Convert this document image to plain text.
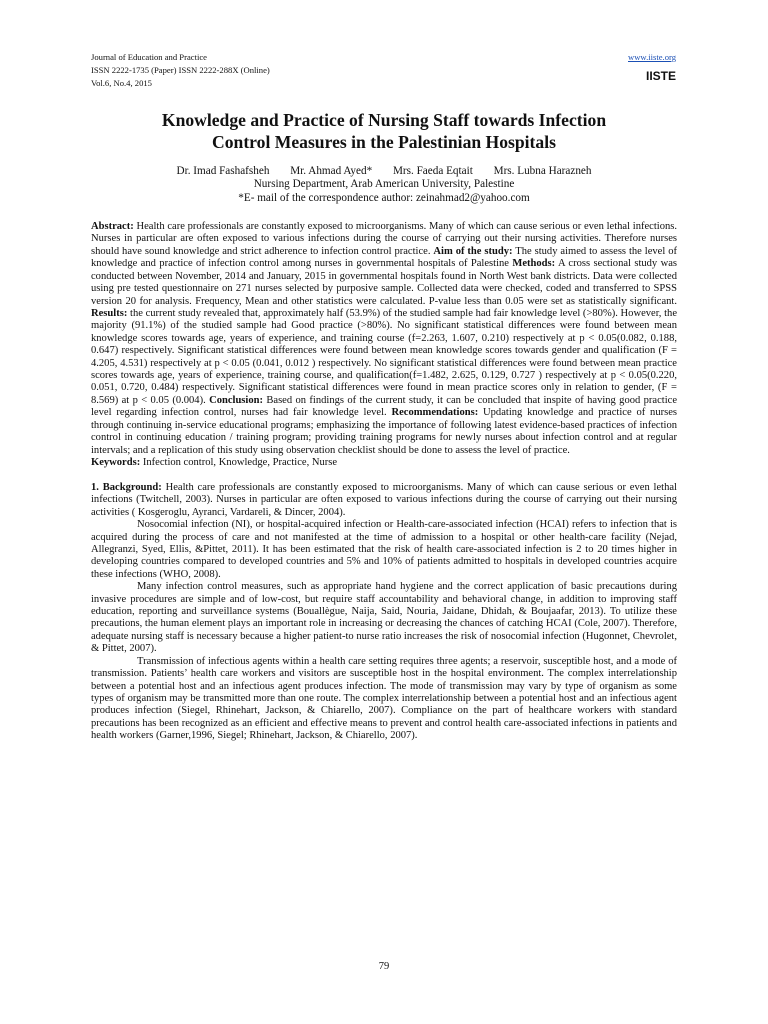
Journal of Education and Practice
ISSN 2222-1735 (Paper) ISSN 2222-288X (Online)
Vol.6, No.4, 2015
www.iiste.org
IISTE
Knowledge and Practice of Nursing Staff towards Infection
Control Measures in the Palestinian Hospitals
Dr. Imad Fashafsheh Mr. Ahmad Ayed* Mrs. Faeda Eqtait Mrs. Lubna Harazneh
Nursing Department, Arab American University, Palestine
*E- mail of the correspondence author: zeinahmad2@yahoo.com

Abstract: Health care professionals are constantly exposed to microorganisms. Many of which can cause serious or even lethal infections. Nurses in particular are often exposed to various infections during the course of carrying out their nursing activities. Therefore nurses should have sound knowledge and strict adherence to infection control practice. Aim of the study: The study aimed to assess the level of knowledge and practice of infection control among nurses in governmental hospitals of Palestine Methods: A cross sectional study was conducted between November, 2014 and January, 2015 in governmental hospitals found in North West bank districts. Data were collected using pre tested questionnaire on 271 nurses selected by purposive sample. Collected data were checked, coded and transferred to SPSS version 20 for analysis. Frequency, Mean and other statistics were calculated. P-value less than 0.05 were set as statistically significant. Results: the current study revealed that, approximately half (53.9%) of the studied sample had fair knowledge level (>80%). However, the majority (91.1%) of the studied sample had Good practice (>80%). No significant statistical differences were found between mean knowledge scores towards age, years of experience, and training course (f=2.263, 1.607, 0.210) respectively at p < 0.05(0.082, 0.188, 0.647) respectively. Significant statistical differences were found between mean knowledge scores towards gender and qualification (F = 4.205, 4.531) respectively at p < 0.05 (0.041, 0.012 ) respectively. No significant statistical differences were found between mean practice scores towards age, years of experience, training course, and qualification(f=1.482, 2.625, 0.129, 0.727 ) respectively at p < 0.05(0.220, 0.051, 0.720, 0.484) respectively. Significant statistical differences were found in mean practice scores only in relation to gender, (F = 8.569) at p < 0.05 (0.004). Conclusion: Based on findings of the current study, it can be concluded that inspite of having good practice level regarding infection control, nurses had fair knowledge level. Recommendations: Updating knowledge and practice of nurses through continuing in-service educational programs; emphasizing the importance of following latest evidence-based practices of infection control in continuing education / training program; providing training programs for newly nurses about infection control and at regular intervals; and a replication of this study using observation checklist should be done to assess the level of practice.

Keywords: Infection control, Knowledge, Practice, Nurse

1. Background: Health care professionals are constantly exposed to microorganisms. Many of which can cause serious or even lethal infections (Twitchell, 2003). Nurses in particular are often exposed to various infections during the course of carrying out their nursing activities ( Kosgeroglu, Ayranci, Vardareli, & Dincer, 2004).

Nosocomial infection (NI), or hospital-acquired infection or Health-care-associated infection (HCAI) refers to infection that is acquired during the process of care and not manifested at the time of admission to a hospital or other health-care facility (Nejad, Allegranzi, Syed, Ellis, &Pittet, 2011). It has been estimated that the risk of health care-associated infection is 2 to 20 times higher in developing countries compared to developed countries and 5% and 10% of patients admitted to hospitals in developed countries acquire these infections (WHO, 2008).

Many infection control measures, such as appropriate hand hygiene and the correct application of basic precautions during invasive procedures are simple and of low-cost, but require staff accountability and behavioral change, in addition to improving staff education, reporting and surveillance systems (Bouallègue, Naija, Said, Nouria, Jaidane, Dhidah, & Boujaafar, 2013). To utilize these precautions, the human element plays an important role in increasing or decreasing the chances of catching HCAI (Cole, 2007). Therefore, adequate nursing staff is necessary because a higher patient-to nurse ratio increases the risk of nosocomial infection (Hugonnet, Chevrolet, & Pittet, 2007).

Transmission of infectious agents within a health care setting requires three agents; a reservoir, susceptible host, and a mode of transmission. Patients’ health care workers and visitors are susceptible host in the hospital environment. The complex interrelationship between a potential host and an infectious agent produces infection. The mode of transmission may vary by type of organism as some types of organism may be transmitted more than one route. The complex interrelationship between a potential host and an infectious agent produces infection (Siegel, Rhinehart, Jackson, & Chiarello, 2007). Compliance on the part of healthcare workers with standard precautions has been recognized as an efficient and effective means to prevent and control health care-associated infections in patients and health workers (Garner,1996, Siegel; Rhinehart, Jackson, & Chiarello, 2007).

79
